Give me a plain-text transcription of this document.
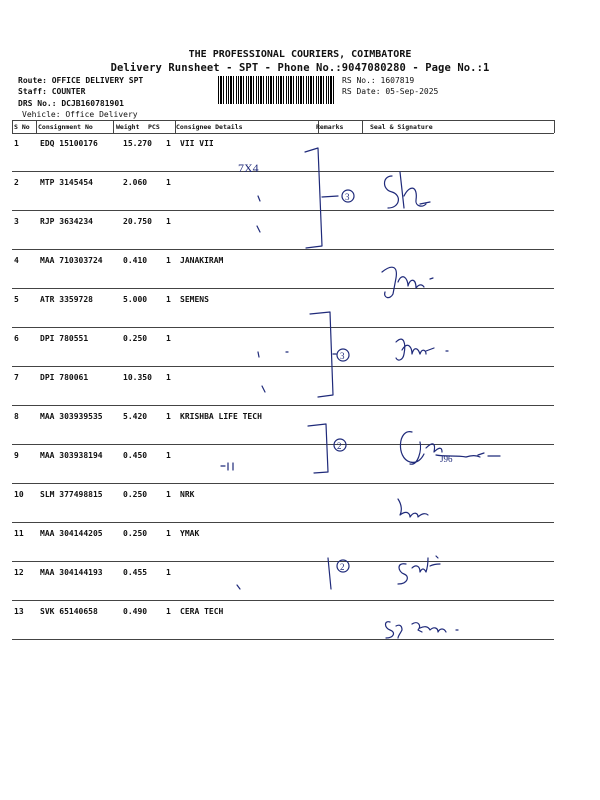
THE PROFESSIONAL COURIERS, COIMBATORE
Delivery Runsheet - SPT - Phone No.:9047080280 - Page No.:1
Route: OFFICE DELIVERY SPT
Staff: COUNTER
DRS No.: DCJB160781901
Vehicle: Office Delivery
RS No.: 1607819
RS Date: 05-Sep-2025
S No Consignment No	Weight PCS	Consignee Details	Remarks	Seal & Signature
1	EDQ 15100176	15.270 1 VII VII
2	MTP 3145454	2.060 1
3	RJP 3634234	20.750 1
4	MAA 710303724	0.410 1 JANAKIRAM
5	ATR 3359728	5.000 1 SEMENS
6	DPI 780551	0.250 1
7	DPI 780061	10.350 1
8	MAA 303939535	5.420 1 KRISHBA LIFE TECH
9	MAA 303938194	0.450 1
10 SLM 377498815	0.250 1 NRK
11 MAA 304144205	0.250 1 YMAK
12 MAA 304144193	0.455 1
13 SVK 65140658	0.490 1 CERA TECH
7X4
3
3
2
2
J96
